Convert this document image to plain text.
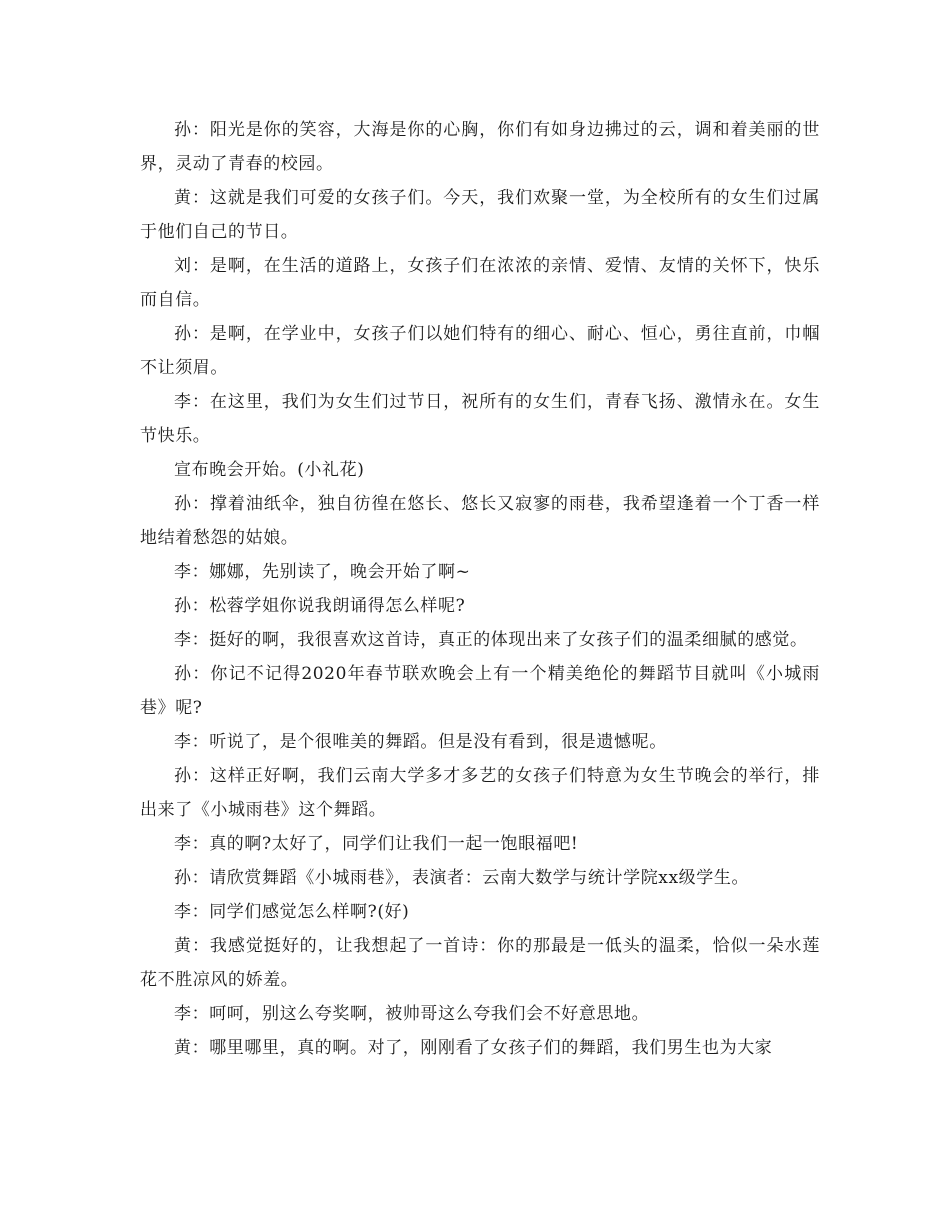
孙：阳光是你的笑容，大海是你的心胸，你们有如身边拂过的云，调和着美丽的世界，灵动了青春的校园。

黄：这就是我们可爱的女孩子们。今天，我们欢聚一堂，为全校所有的女生们过属于他们自己的节日。

刘：是啊，在生活的道路上，女孩子们在浓浓的亲情、爱情、友情的关怀下，快乐而自信。

孙：是啊，在学业中，女孩子们以她们特有的细心、耐心、恒心，勇往直前，巾帼不让须眉。

李：在这里，我们为女生们过节日，祝所有的女生们，青春飞扬、激情永在。女生节快乐。

宣布晚会开始。(小礼花)

孙：撑着油纸伞，独自彷徨在悠长、悠长又寂寥的雨巷，我希望逢着一个丁香一样地结着愁怨的姑娘。

李：娜娜，先别读了，晚会开始了啊~

孙：松蓉学姐你说我朗诵得怎么样呢?

李：挺好的啊，我很喜欢这首诗，真正的体现出来了女孩子们的温柔细腻的感觉。

孙：你记不记得2020年春节联欢晚会上有一个精美绝伦的舞蹈节目就叫《小城雨巷》呢?

李：听说了，是个很唯美的舞蹈。但是没有看到，很是遗憾呢。

孙：这样正好啊，我们云南大学多才多艺的女孩子们特意为女生节晚会的举行，排出来了《小城雨巷》这个舞蹈。

李：真的啊?太好了，同学们让我们一起一饱眼福吧!

孙：请欣赏舞蹈《小城雨巷》，表演者：云南大数学与统计学院xx级学生。

李：同学们感觉怎么样啊?(好)

黄：我感觉挺好的，让我想起了一首诗：你的那最是一低头的温柔，恰似一朵水莲花不胜凉风的娇羞。

李：呵呵，别这么夸奖啊，被帅哥这么夸我们会不好意思地。

黄：哪里哪里，真的啊。对了，刚刚看了女孩子们的舞蹈，我们男生也为大家
